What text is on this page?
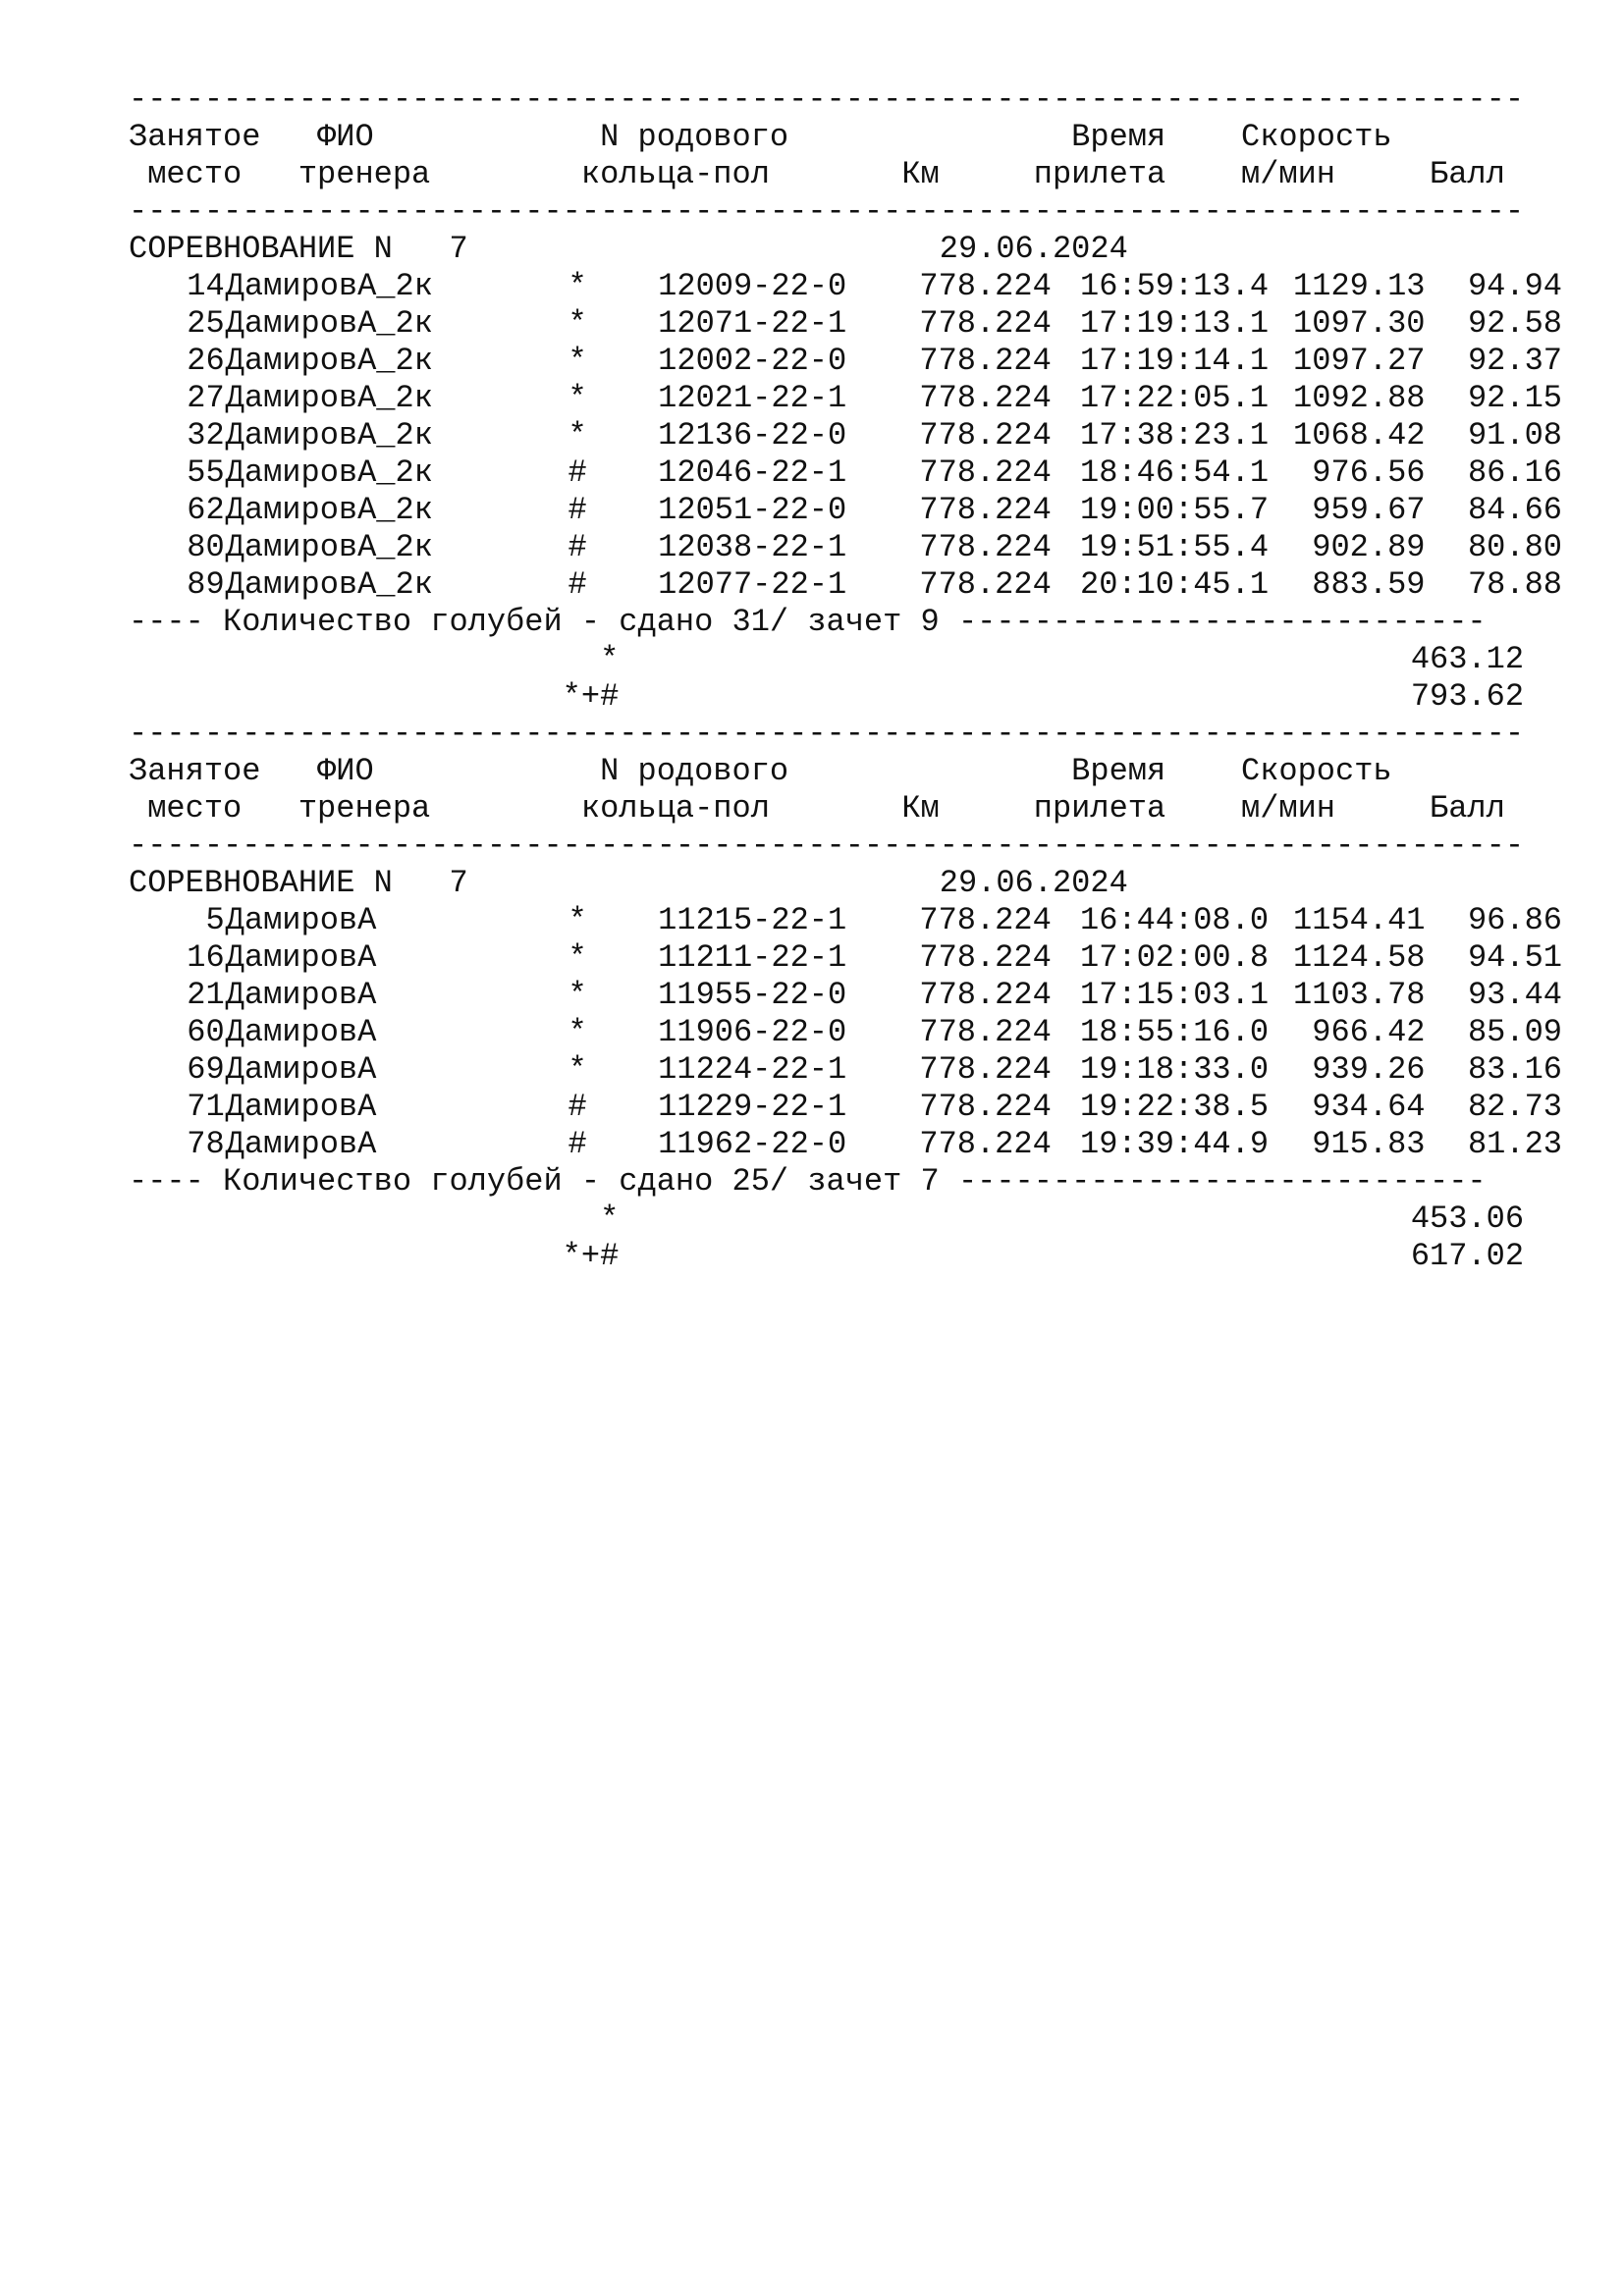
--------------------------------------------------------------------------
Занятое   ФИО            N родового               Время    Скорость
место   тренера        кольца-пол       Км     прилета    м/мин     Балл
--------------------------------------------------------------------------
СОРЕВНОВАНИЕ N   7                         29.06.2024
14 ДамировА_2к	*	12009-22-0	778.224 16:59:13.4 1129.13	94.94
25 ДамировА_2к	*	12071-22-1	778.224 17:19:13.1 1097.30	92.58
26 ДамировА_2к	*	12002-22-0	778.224 17:19:14.1 1097.27	92.37
27 ДамировА_2к	*	12021-22-1	778.224 17:22:05.1 1092.88	92.15
32 ДамировА_2к	*	12136-22-0	778.224 17:38:23.1 1068.42	91.08
55 ДамировА_2к	#	12046-22-1	778.224 18:46:54.1	976.56	86.16
62 ДамировА_2к	#	12051-22-0	778.224 19:00:55.7	959.67	84.66
80 ДамировА_2к	#	12038-22-1	778.224 19:51:55.4	902.89	80.80
89 ДамировА_2к	#	12077-22-1	778.224 20:10:45.1	883.59	78.88
---- Количество голубей - сдано 31/ зачет 9 ----------------------------
*                                          463.12
*+#                                          793.62
--------------------------------------------------------------------------
Занятое   ФИО            N родового               Время    Скорость
место   тренера        кольца-пол       Км     прилета    м/мин     Балл
--------------------------------------------------------------------------
СОРЕВНОВАНИЕ N   7                         29.06.2024
5 ДамировА	*	11215-22-1	778.224 16:44:08.0 1154.41	96.86
16 ДамировА	*	11211-22-1	778.224 17:02:00.8 1124.58	94.51
21 ДамировА	*	11955-22-0	778.224 17:15:03.1 1103.78	93.44
60 ДамировА	*	11906-22-0	778.224 18:55:16.0	966.42	85.09
69 ДамировА	*	11224-22-1	778.224 19:18:33.0	939.26	83.16
71 ДамировА	#	11229-22-1	778.224 19:22:38.5	934.64	82.73
78 ДамировА	#	11962-22-0	778.224 19:39:44.9	915.83	81.23
---- Количество голубей - сдано 25/ зачет 7 ----------------------------
*                                          453.06
*+#                                          617.02
